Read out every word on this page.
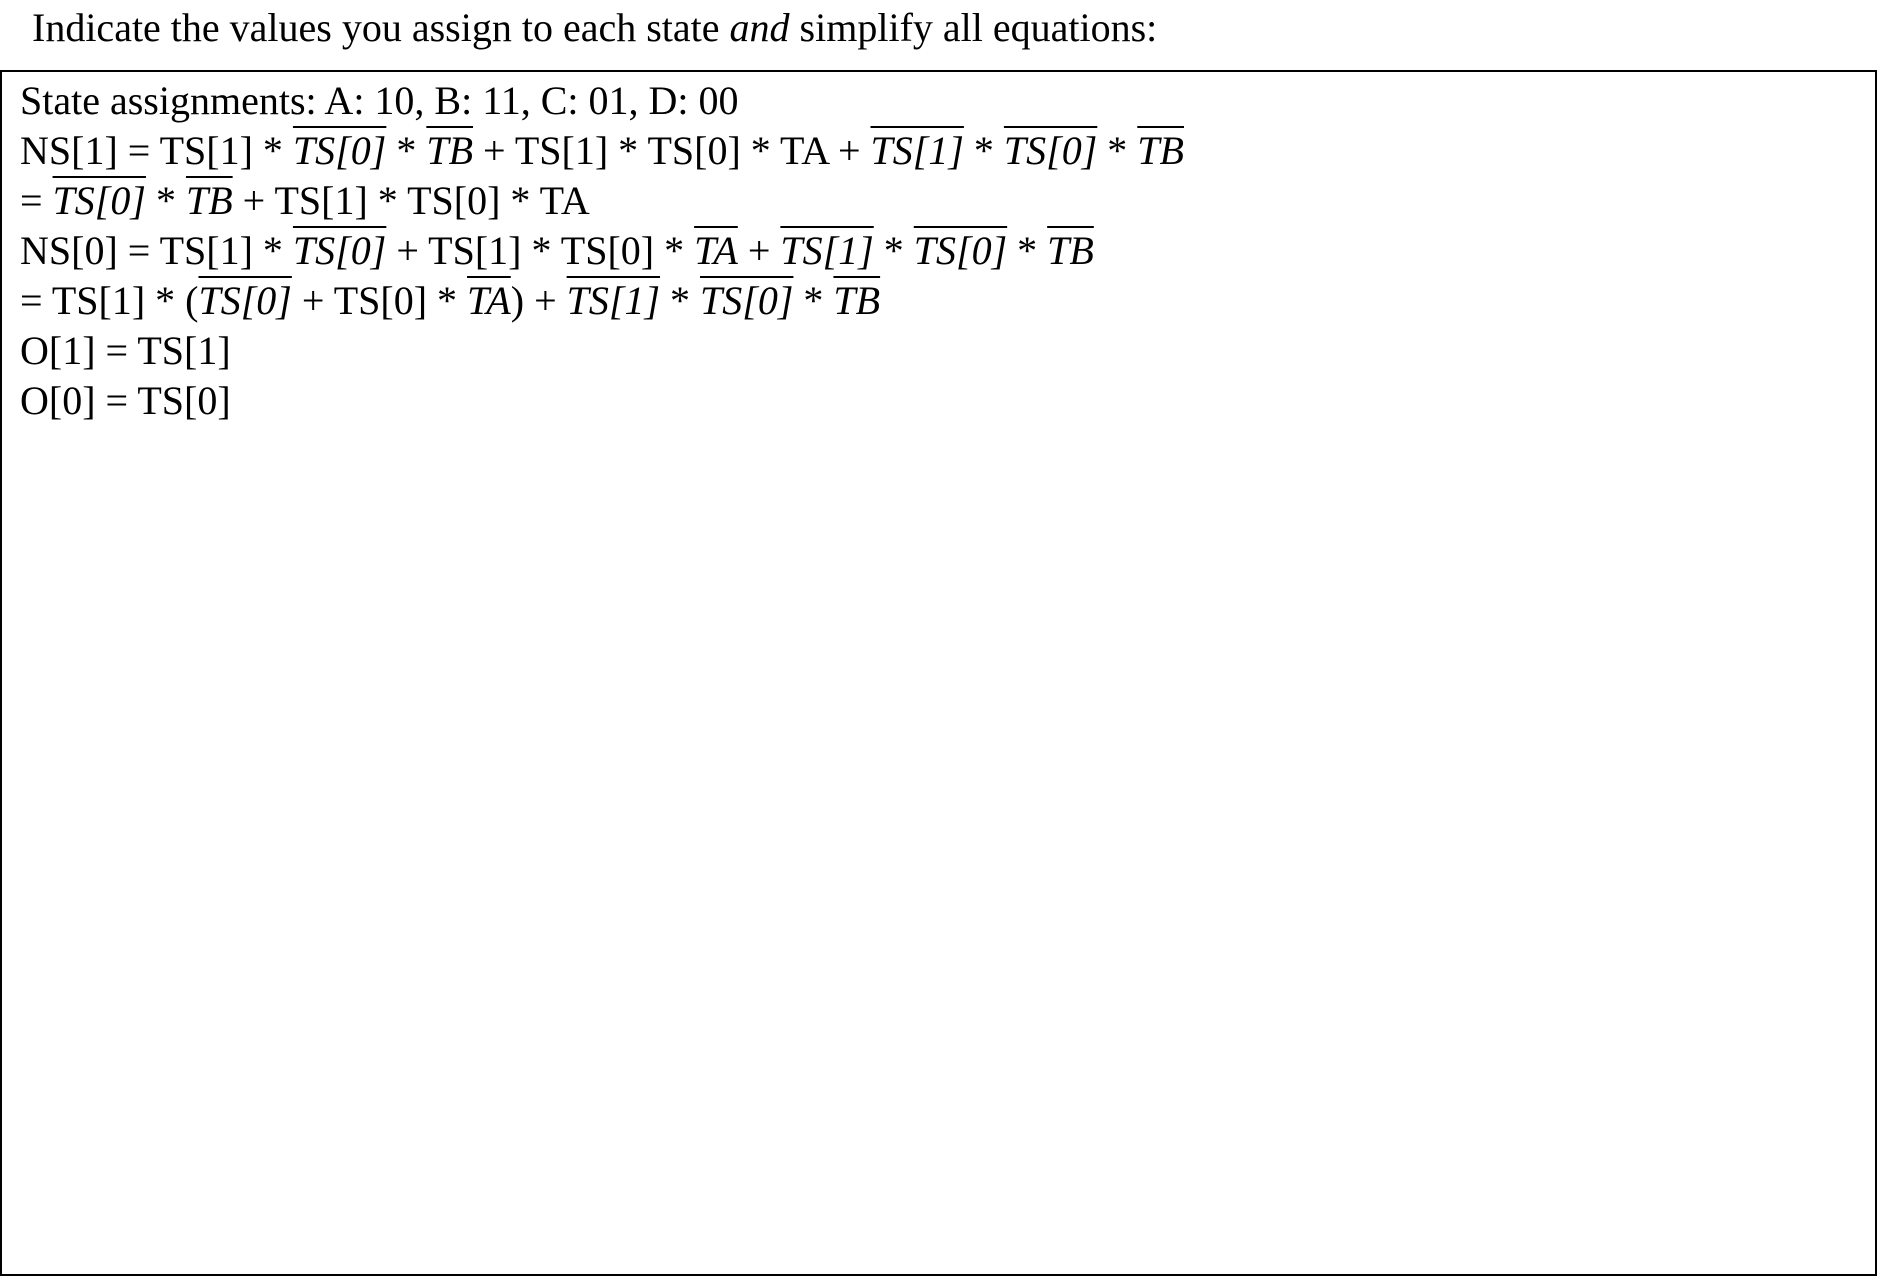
Indicate the values you assign to each state and simplify all equations:
State assignments: A: 10, B: 11, C: 01, D: 00
$NS[1] = TS[1] * TS[0] * \overline{TB} + TS[1] * TS[0]$ * TA + $TS[1] * TS[0] * \overline{TB}$
= $TS[0] * \overline{TB} + TS[1] * TS[0]$ * TA
$NS[0] = TS[1] * TS[0] + TS[1] * TS[0] * \overline{TA} + TS[1] * TS[0] * \overline{TB}$
= $TS[1] * (TS[0] + TS[0] * \overline{TA}) + TS[1] * TS[0] * \overline{TB}$
O[1] = TS[1]
O[0] = TS[0]
